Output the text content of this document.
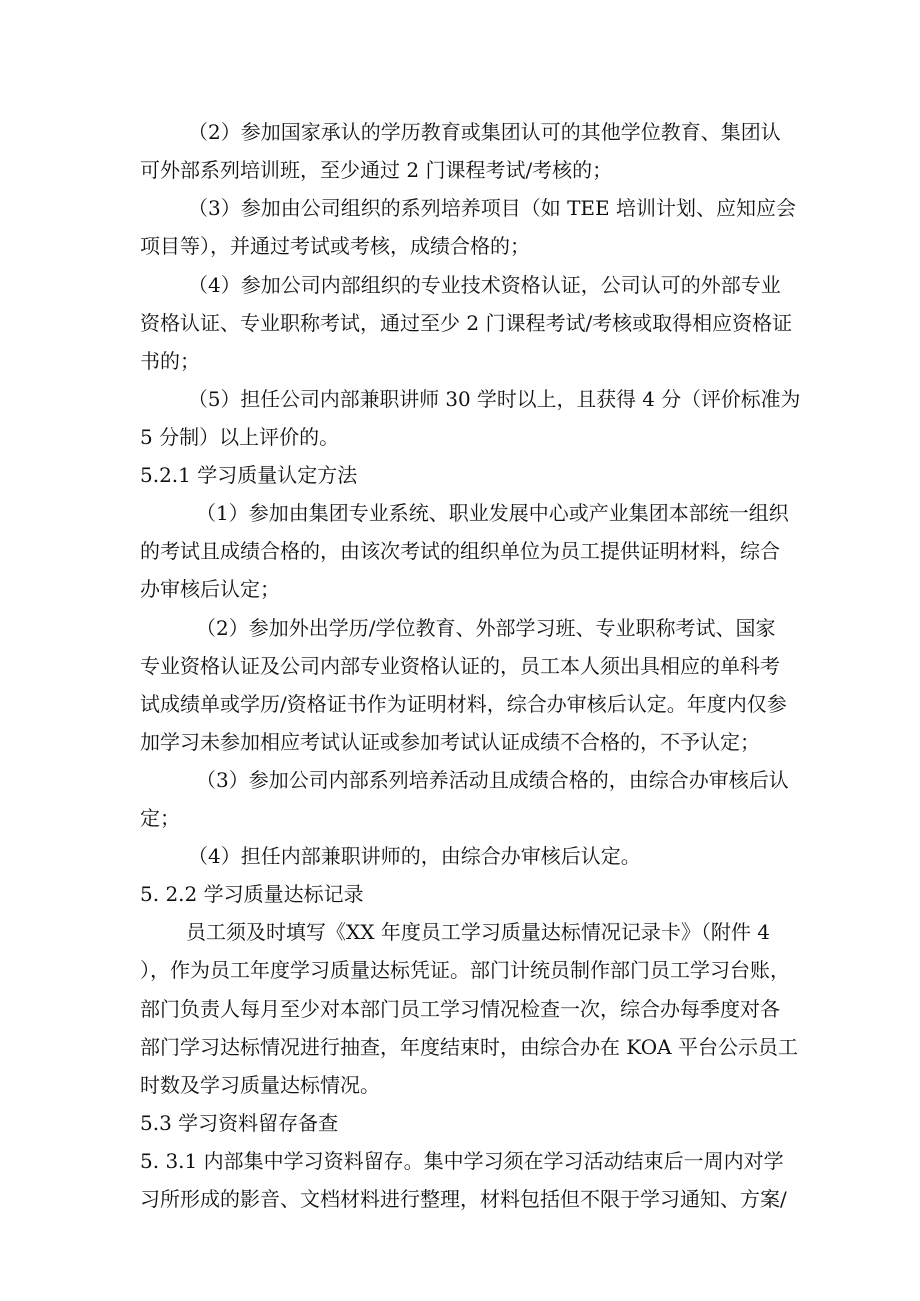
（2）参加国家承认的学历教育或集团认可的其他学位教育、集团认
可外部系列培训班，至少通过 2 门课程考试/考核的；
（3）参加由公司组织的系列培养项目（如 TEE 培训计划、应知应会
项目等），并通过考试或考核，成绩合格的；
（4）参加公司内部组织的专业技术资格认证，公司认可的外部专业
资格认证、专业职称考试，通过至少 2 门课程考试/考核或取得相应资格证
书的；
（5）担任公司内部兼职讲师 30 学时以上，且获得 4 分（评价标准为
5 分制）以上评价的。
5.2.1 学习质量认定方法
（1）参加由集团专业系统、职业发展中心或产业集团本部统一组织
的考试且成绩合格的，由该次考试的组织单位为员工提供证明材料，综合
办审核后认定；
（2）参加外出学历/学位教育、外部学习班、专业职称考试、国家
专业资格认证及公司内部专业资格认证的，员工本人须出具相应的单科考
试成绩单或学历/资格证书作为证明材料，综合办审核后认定。年度内仅参
加学习未参加相应考试认证或参加考试认证成绩不合格的，不予认定；
（3）参加公司内部系列培养活动且成绩合格的，由综合办审核后认
定；
（4）担任内部兼职讲师的，由综合办审核后认定。
5. 2.2 学习质量达标记录
员工须及时填写《XX 年度员工学习质量达标情况记录卡》（附件 4
），作为员工年度学习质量达标凭证。部门计统员制作部门员工学习台账，
部门负责人每月至少对本部门员工学习情况检查一次，综合办每季度对各
部门学习达标情况进行抽查，年度结束时，由综合办在 KOA 平台公示员工
时数及学习质量达标情况。
5.3 学习资料留存备查
5. 3.1 内部集中学习资料留存。集中学习须在学习活动结束后一周内对学
习所形成的影音、文档材料进行整理，材料包括但不限于学习通知、方案/
